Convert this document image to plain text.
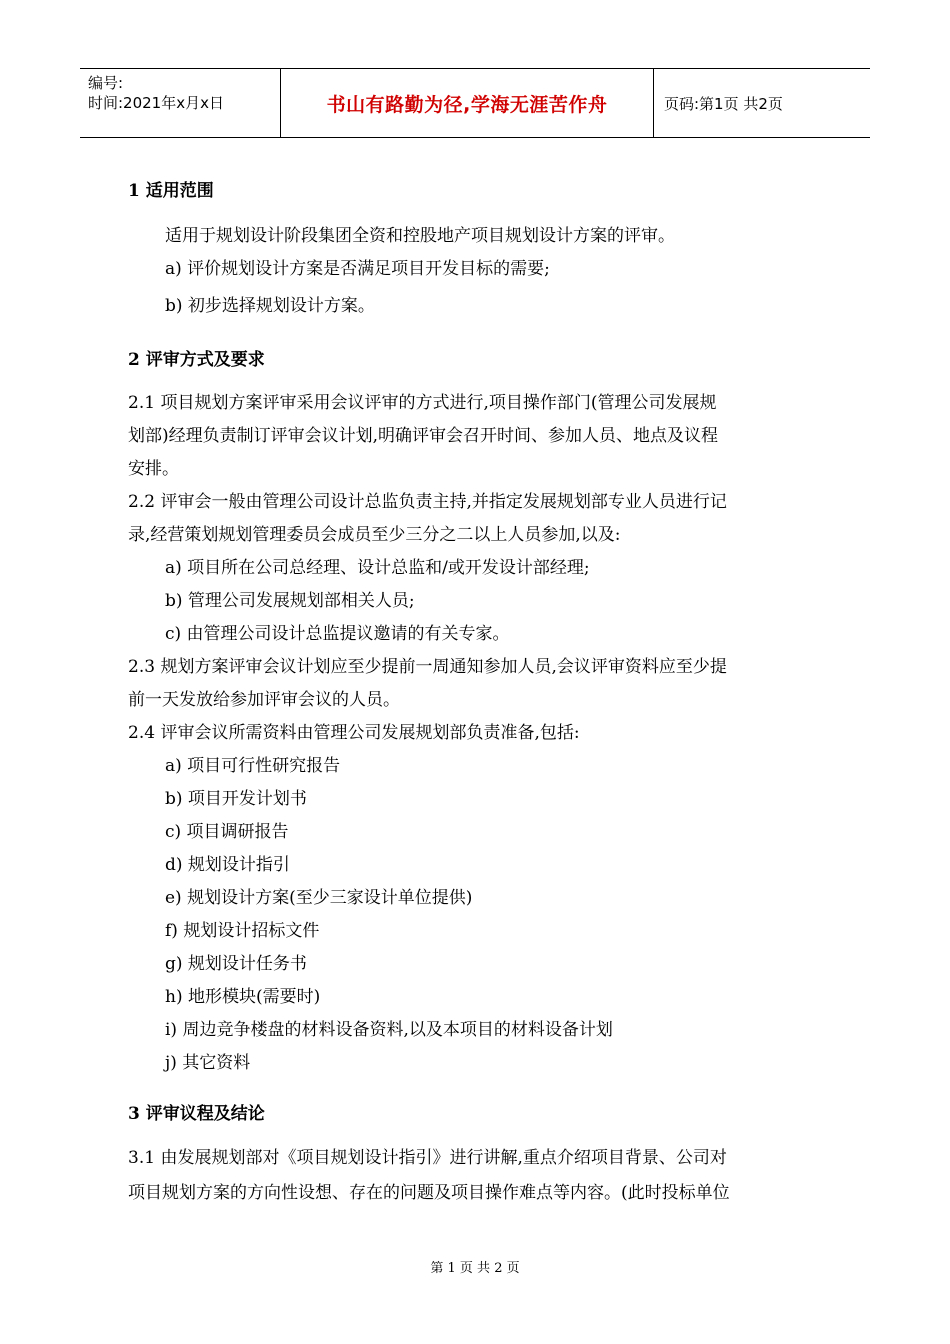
编号:
时间:2021年x月x日	书山有路勤为径,学海无涯苦作舟	页码:第1页 共2页
1 适用范围
适用于规划设计阶段集团全资和控股地产项目规划设计方案的评审。
a) 评价规划设计方案是否满足项目开发目标的需要;
b) 初步选择规划设计方案。
2 评审方式及要求
2.1 项目规划方案评审采用会议评审的方式进行,项目操作部门(管理公司发展规
划部)经理负责制订评审会议计划,明确评审会召开时间、参加人员、地点及议程
安排。
2.2 评审会一般由管理公司设计总监负责主持,并指定发展规划部专业人员进行记
录,经营策划规划管理委员会成员至少三分之二以上人员参加,以及:
a) 项目所在公司总经理、设计总监和/或开发设计部经理;
b) 管理公司发展规划部相关人员;
c) 由管理公司设计总监提议邀请的有关专家。
2.3 规划方案评审会议计划应至少提前一周通知参加人员,会议评审资料应至少提
前一天发放给参加评审会议的人员。
2.4 评审会议所需资料由管理公司发展规划部负责准备,包括:
a) 项目可行性研究报告
b) 项目开发计划书
c) 项目调研报告
d) 规划设计指引
e) 规划设计方案(至少三家设计单位提供)
f) 规划设计招标文件
g) 规划设计任务书
h) 地形模块(需要时)
i) 周边竞争楼盘的材料设备资料,以及本项目的材料设备计划
j) 其它资料
3 评审议程及结论
3.1 由发展规划部对《项目规划设计指引》进行讲解,重点介绍项目背景、公司对
项目规划方案的方向性设想、存在的问题及项目操作难点等内容。(此时投标单位
第 1 页 共 2 页
